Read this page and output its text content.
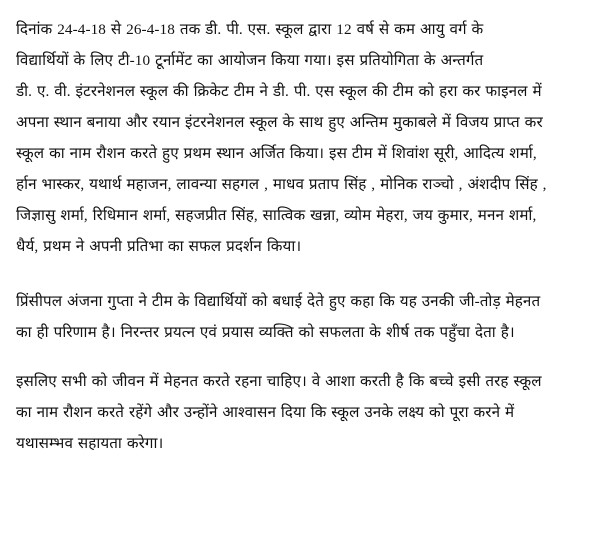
दिनांक 24-4-18 से 26-4-18 तक डी. पी. एस. स्कूल द्वारा 12 वर्ष से कम आयु वर्ग के
विद्यार्थियों के लिए टी-10 टूर्नामेंट का आयोजन किया गया। इस प्रतियोगिता के अन्तर्गत
डी. ए. वी. इंटरनेशनल स्कूल की क्रिकेट टीम ने डी. पी. एस स्कूल की टीम को हरा कर फाइनल में
अपना स्थान बनाया और रयान इंटरनेशनल स्कूल के साथ हुए अन्तिम मुकाबले में विजय प्राप्त कर
स्कूल का नाम रौशन करते हुए प्रथम स्थान अर्जित किया। इस टीम में शिवांश सूरी, आदित्य शर्मा,
र्हान भास्कर, यथार्थ महाजन, लावन्या सहगल , माधव प्रताप सिंह , मोनिक राञ्चो , अंशदीप सिंह ,
जिज्ञासु शर्मा, रिधिमान शर्मा, सहजप्रीत सिंह, सात्विक खन्ना, व्योम मेहरा, जय कुमार, मनन शर्मा,
धैर्य, प्रथम ने अपनी प्रतिभा का सफल प्रदर्शन किया।

प्रिंसीपल अंजना गुप्ता ने टीम के विद्यार्थियों को बधाई देते हुए कहा कि यह उनकी जी-तोड़ मेहनत
का ही परिणाम है। निरन्तर प्रयत्न एवं प्रयास व्यक्ति को सफलता के शीर्ष तक पहुँचा देता है।

इसलिए सभी को जीवन में मेहनत करते रहना चाहिए। वे आशा करती है कि बच्चे इसी तरह स्कूल
का नाम रौशन करते रहेंगे और उन्होंने आश्वासन दिया कि स्कूल उनके लक्ष्य को पूरा करने में
यथासम्भव सहायता करेगा।
